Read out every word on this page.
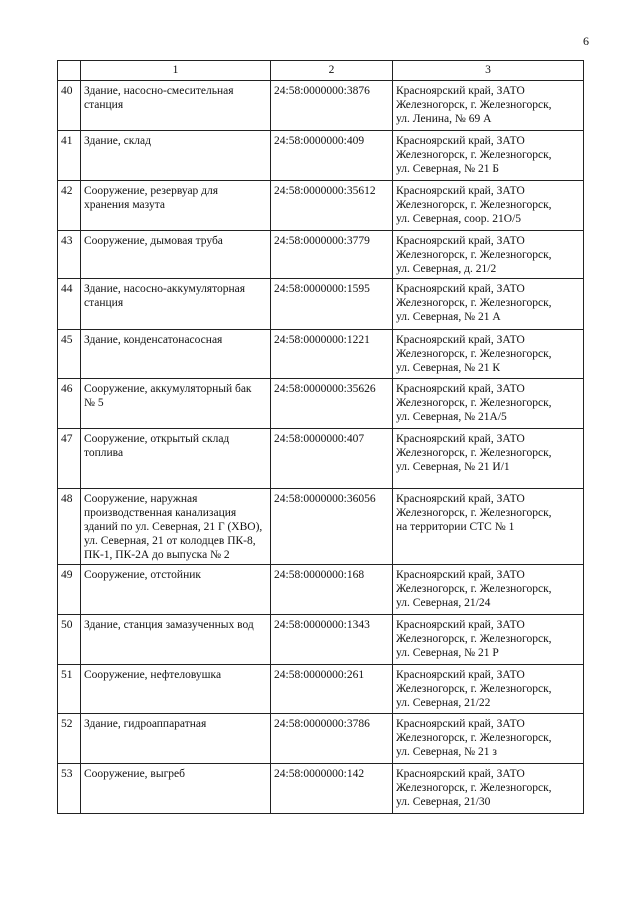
6
	1	2	3
40	Здание, насосно-смесительная
станция	24:58:0000000:3876	Красноярский край, ЗАТО
Железногорск, г. Железногорск,
ул. Ленина, № 69 А
41	Здание, склад	24:58:0000000:409	Красноярский край, ЗАТО
Железногорск, г. Железногорск,
ул. Северная, № 21 Б
42	Сооружение, резервуар для
хранения мазута	24:58:0000000:35612	Красноярский край, ЗАТО
Железногорск, г. Железногорск,
ул. Северная, соор. 21О/5
43	Сооружение, дымовая труба	24:58:0000000:3779	Красноярский край, ЗАТО
Железногорск, г. Железногорск,
ул. Северная, д. 21/2
44	Здание, насосно-аккумуляторная
станция	24:58:0000000:1595	Красноярский край, ЗАТО
Железногорск, г. Железногорск,
ул. Северная, № 21 А
45	Здание, конденсатонасосная	24:58:0000000:1221	Красноярский край, ЗАТО
Железногорск, г. Железногорск,
ул. Северная, № 21 К
46	Сооружение, аккумуляторный бак
№ 5	24:58:0000000:35626	Красноярский край, ЗАТО
Железногорск, г. Железногорск,
ул. Северная, № 21А/5
47	Сооружение, открытый склад
топлива	24:58:0000000:407	Красноярский край, ЗАТО
Железногорск, г. Железногорск,
ул. Северная, № 21 И/1
48	Сооружение, наружная
производственная канализация
зданий по ул. Северная, 21 Г (ХВО),
ул. Северная, 21 от колодцев ПК-8,
ПК-1, ПК-2А до выпуска № 2	24:58:0000000:36056	Красноярский край, ЗАТО
Железногорск, г. Железногорск,
на территории СТС № 1
49	Сооружение, отстойник	24:58:0000000:168	Красноярский край, ЗАТО
Железногорск, г. Железногорск,
ул. Северная, 21/24
50	Здание, станция замазученных вод	24:58:0000000:1343	Красноярский край, ЗАТО
Железногорск, г. Железногорск,
ул. Северная, № 21 Р
51	Сооружение, нефтеловушка	24:58:0000000:261	Красноярский край, ЗАТО
Железногорск, г. Железногорск,
ул. Северная, 21/22
52	Здание, гидроаппаратная	24:58:0000000:3786	Красноярский край, ЗАТО
Железногорск, г. Железногорск,
ул. Северная, № 21 з
53	Сооружение, выгреб	24:58:0000000:142	Красноярский край, ЗАТО
Железногорск, г. Железногорск,
ул. Северная, 21/30
